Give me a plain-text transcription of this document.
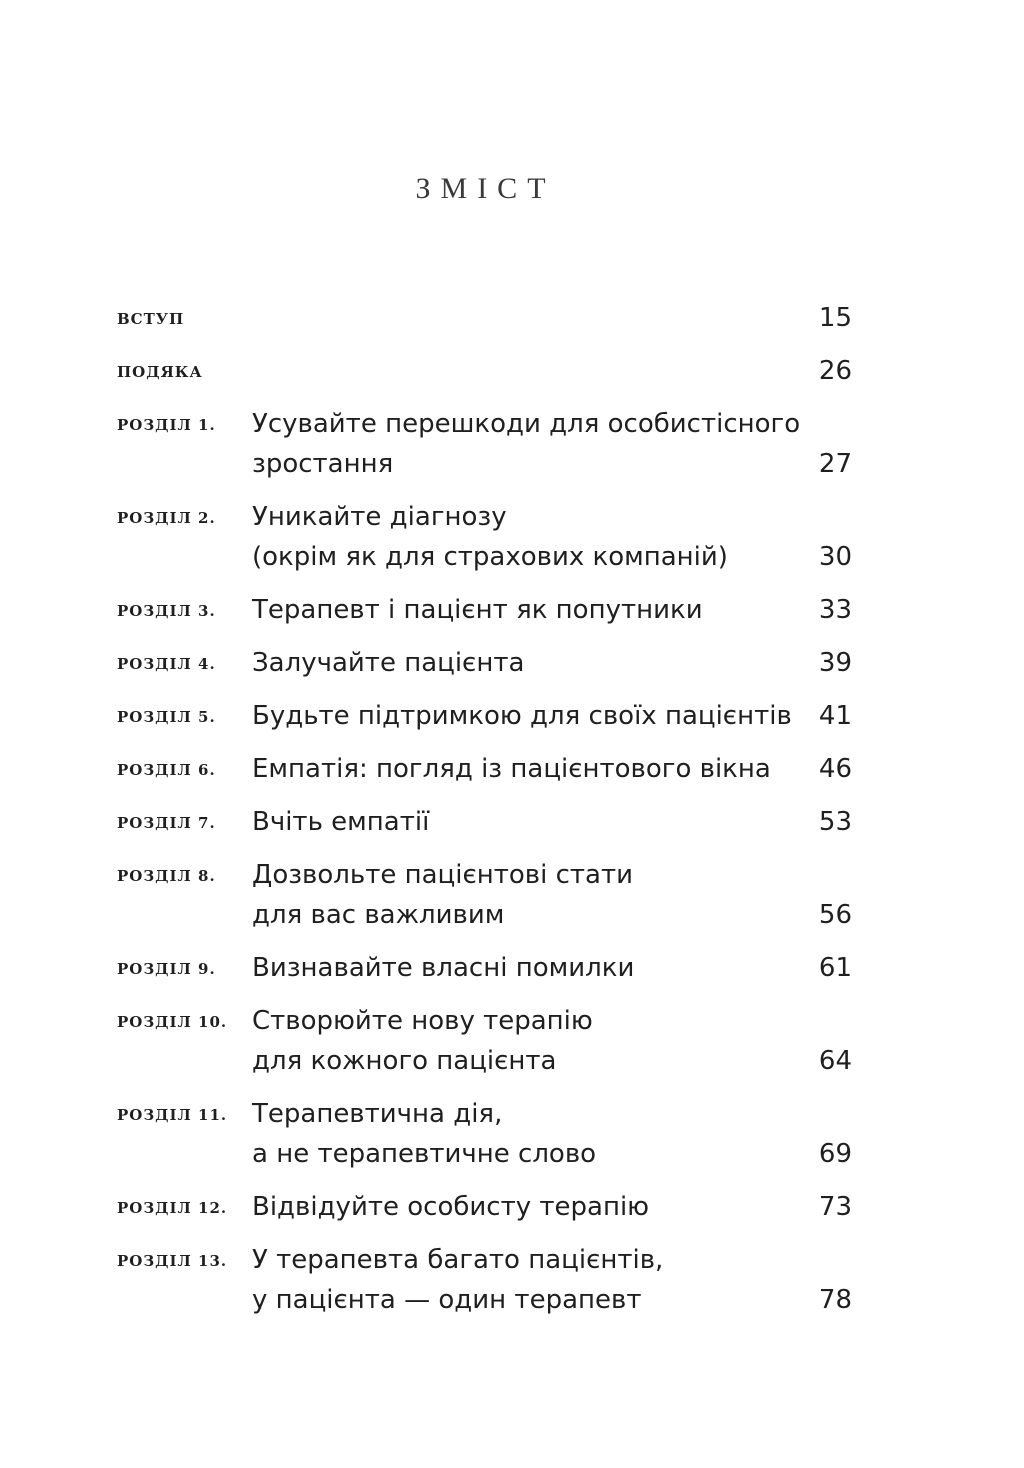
ЗМІСТ
ВСТУП	15
ПОДЯКА	26
РОЗДІЛ 1. Усувайте перешкоди для особистісного
зростання	27
РОЗДІЛ 2. Уникайте діагнозу
(окрім як для страхових компаній)	30
РОЗДІЛ 3. Терапевт і пацієнт як попутники	33
РОЗДІЛ 4. Залучайте пацієнта	39
РОЗДІЛ 5. Будьте підтримкою для своїх пацієнтів	41
РОЗДІЛ 6. Емпатія: погляд із пацієнтового вікна	46
РОЗДІЛ 7. Вчіть емпатії	53
РОЗДІЛ 8. Дозвольте пацієнтові стати
для вас важливим	56
РОЗДІЛ 9. Визнавайте власні помилки	61
РОЗДІЛ 10. Створюйте нову терапію
для кожного пацієнта	64
РОЗДІЛ 11. Терапевтична дія,
а не терапевтичне слово	69
РОЗДІЛ 12. Відвідуйте особисту терапію	73
РОЗДІЛ 13. У терапевта багато пацієнтів,
у пацієнта — один терапевт	78
